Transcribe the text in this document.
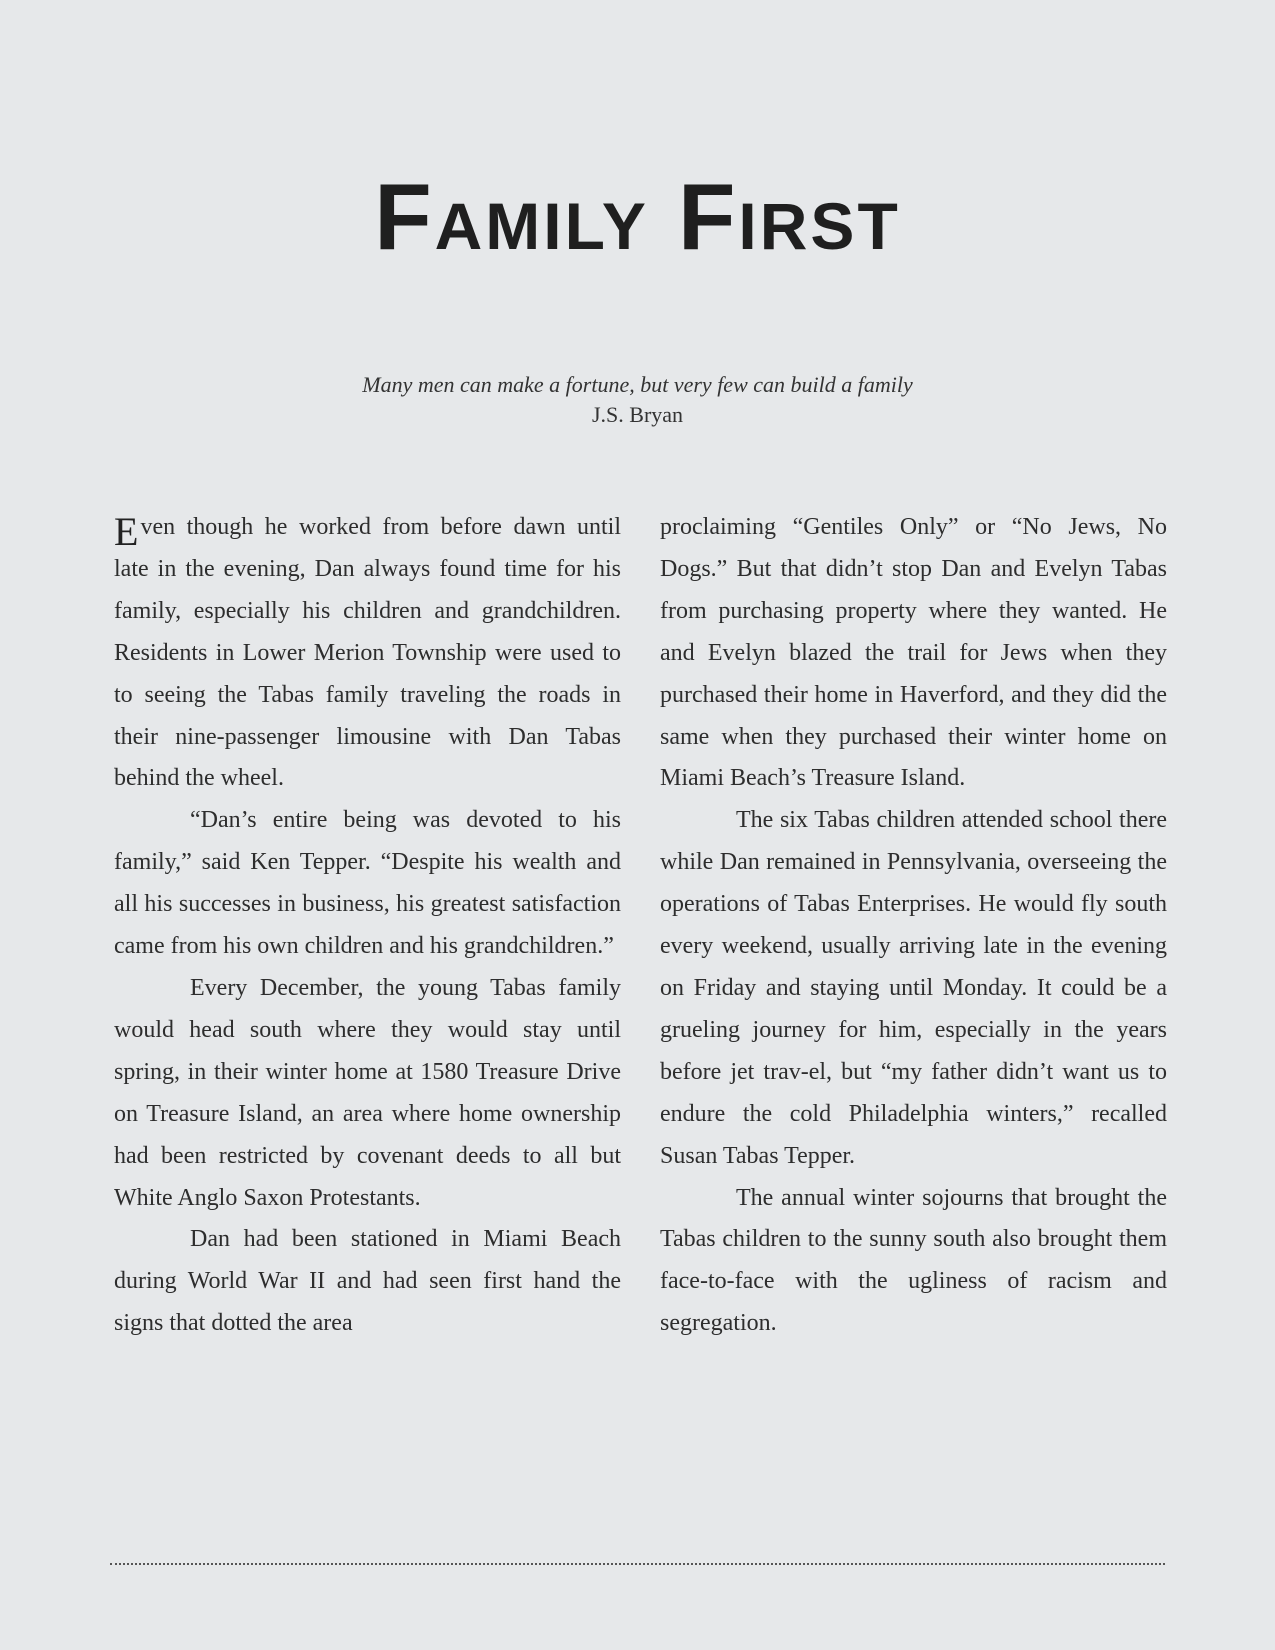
Family First
Many men can make a fortune, but very few can build a family
J.S. Bryan

Even though he worked from before dawn until late in the evening, Dan always found time for his family, especially his children and grandchildren. Residents in Lower Merion Township were used to to seeing the Tabas family traveling the roads in their nine-passenger limousine with Dan Tabas behind the wheel.

“Dan’s entire being was devoted to his family,” said Ken Tepper. “Despite his wealth and all his successes in business, his greatest satisfaction came from his own children and his grandchildren.”

Every December, the young Tabas family would head south where they would stay until spring, in their winter home at 1580 Treasure Drive on Treasure Island, an area where home ownership had been restricted by covenant deeds to all but White Anglo Saxon Protestants.

Dan had been stationed in Miami Beach during World War II and had seen first hand the signs that dotted the area

proclaiming “Gentiles Only” or “No Jews, No Dogs.” But that didn’t stop Dan and Evelyn Tabas from purchasing property where they wanted. He and Evelyn blazed the trail for Jews when they purchased their home in Haverford, and they did the same when they purchased their winter home on Miami Beach’s Treasure Island.

The six Tabas children attended school there while Dan remained in Pennsylvania, overseeing the operations of Tabas Enterprises. He would fly south every weekend, usually arriving late in the evening on Friday and staying until Monday. It could be a grueling journey for him, especially in the years before jet trav-el, but “my father didn’t want us to endure the cold Philadelphia winters,” recalled Susan Tabas Tepper.

The annual winter sojourns that brought the Tabas children to the sunny south also brought them face-to-face with the ugliness of racism and segregation.
